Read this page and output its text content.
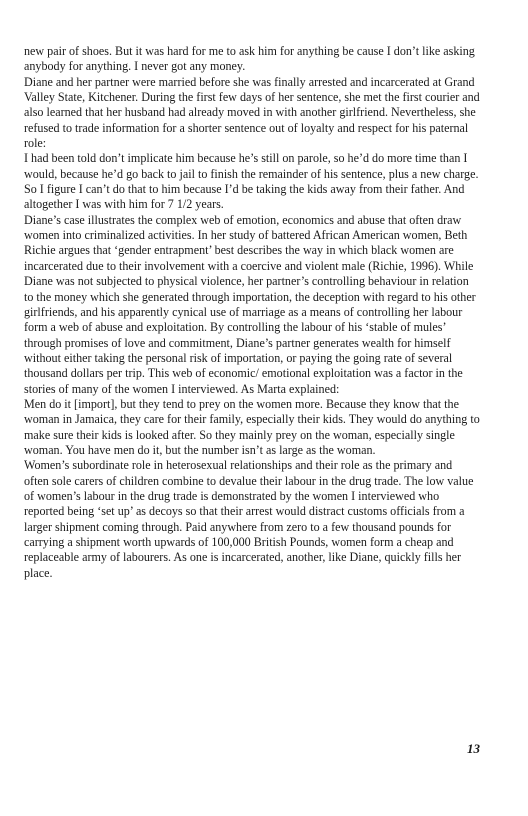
new pair of shoes. But it was hard for me to ask him for anything be cause I don’t like asking anybody for anything. I never got any money.

Diane and her partner were married before she was finally arrested and incarcerated at Grand Valley State, Kitchener. During the first few days of her sentence, she met the first courier and also learned that her husband had already moved in with another girlfriend. Nevertheless, she refused to trade information for a shorter sentence out of loyalty and respect for his paternal role:

I had been told don’t implicate him because he’s still on parole, so he’d do more time than I would, because he’d go back to jail to finish the remainder of his sentence, plus a new charge. So I figure I can’t do that to him because I’d be taking the kids away from their father. And altogether I was with him for 7 1/2 years.

Diane’s case illustrates the complex web of emotion, economics and abuse that often draw women into criminalized activities. In her study of battered African American women, Beth Richie argues that ‘gender entrapment’ best describes the way in which black women are incarcerated due to their involvement with a coercive and violent male (Richie, 1996). While Diane was not subjected to physical violence, her partner’s controlling behaviour in relation to the money which she generated through importation, the deception with regard to his other girlfriends, and his apparently cynical use of marriage as a means of controlling her labour form a web of abuse and exploitation. By controlling the labour of his ‘stable of mules’ through promises of love and commitment, Diane’s partner generates wealth for himself without either taking the personal risk of importation, or paying the going rate of several thousand dollars per trip. This web of economic/ emotional exploitation was a factor in the stories of many of the women I interviewed. As Marta explained:

Men do it [import], but they tend to prey on the women more. Because they know that the woman in Jamaica, they care for their family, especially their kids. They would do anything to make sure their kids is looked after. So they mainly prey on the woman, especially single woman. You have men do it, but the number isn’t as large as the woman.

Women’s subordinate role in heterosexual relationships and their role as the primary and often sole carers of children combine to devalue their labour in the drug trade. The low value of women’s labour in the drug trade is demonstrated by the women I interviewed who reported being ‘set up’ as decoys so that their arrest would distract customs officials from a larger shipment coming through. Paid anywhere from zero to a few thousand pounds for carrying a shipment worth upwards of 100,000 British Pounds, women form a cheap and replaceable army of labourers. As one is incarcerated, another, like Diane, quickly fills her place.

13
